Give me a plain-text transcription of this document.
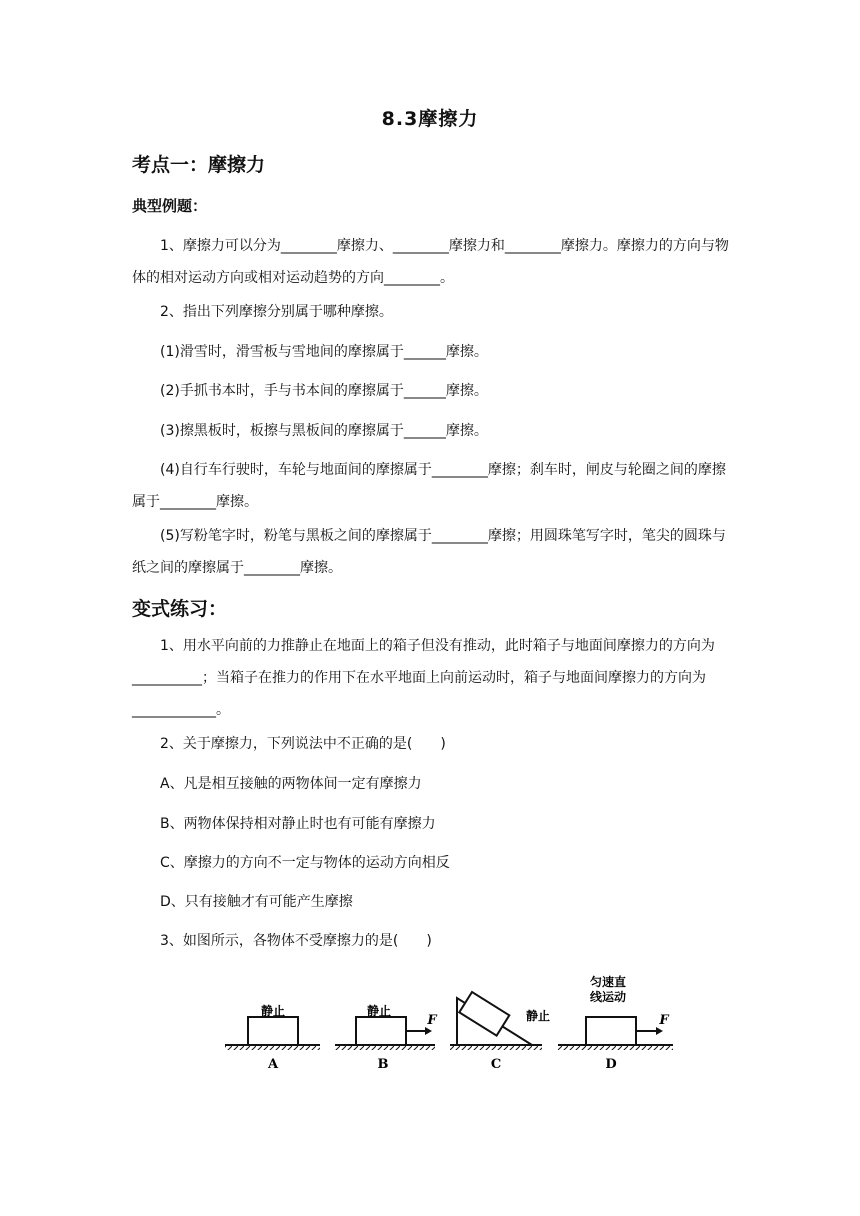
8.3摩擦力
考点一：摩擦力
典型例题：
1、摩擦力可以分为________摩擦力、________摩擦力和________摩擦力。摩擦力的方向与物体的相对运动方向或相对运动趋势的方向________。
2、指出下列摩擦分别属于哪种摩擦。
(1)滑雪时，滑雪板与雪地间的摩擦属于______摩擦。
(2)手抓书本时，手与书本间的摩擦属于______摩擦。
(3)擦黑板时，板擦与黑板间的摩擦属于______摩擦。
(4)自行车行驶时，车轮与地面间的摩擦属于________摩擦；刹车时，闸皮与轮圈之间的摩擦属于________摩擦。
(5)写粉笔字时，粉笔与黑板之间的摩擦属于________摩擦；用圆珠笔写字时，笔尖的圆珠与纸之间的摩擦属于________摩擦。
变式练习：
1、用水平向前的力推静止在地面上的箱子但没有推动，此时箱子与地面间摩擦力的方向为__________；当箱子在推力的作用下在水平地面上向前运动时，箱子与地面间摩擦力的方向为____________。
2、关于摩擦力，下列说法中不正确的是(　　)
A、凡是相互接触的两物体间一定有摩擦力
B、两物体保持相对静止时也有可能有摩擦力
C、摩擦力的方向不一定与物体的运动方向相反
D、只有接触才有可能产生摩擦
3、如图所示，各物体不受摩擦力的是(　　)
静止
A
静止
F
B
静止
C
匀速直
线运动
F
D
